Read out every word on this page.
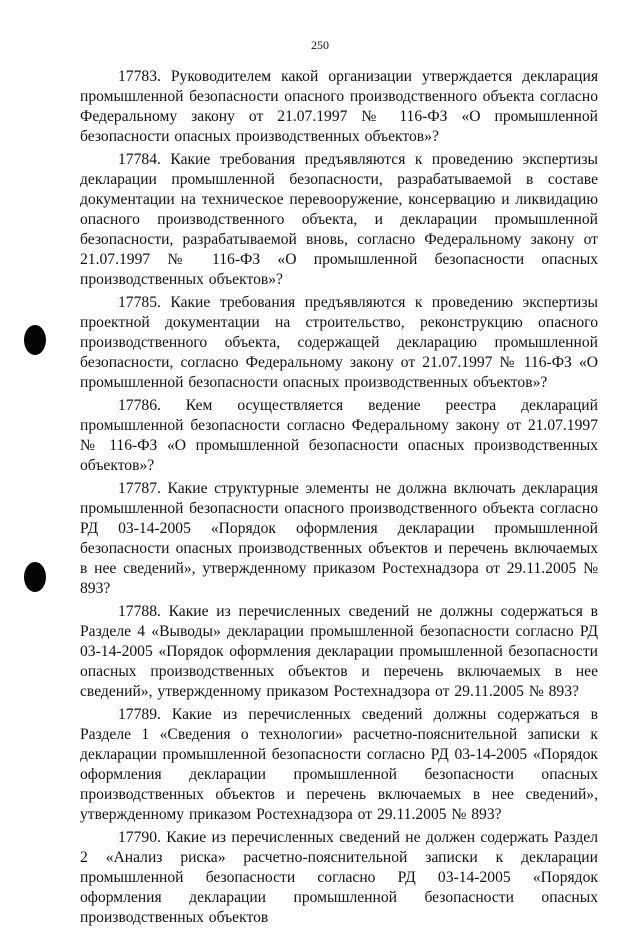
250

17783. Руководителем какой организации утверждается декларация промышленной безопасности опасного производственного объекта согласно Федеральному закону от 21.07.1997 № 116-ФЗ «О промышленной безопасности опасных производственных объектов»?

17784. Какие требования предъявляются к проведению экспертизы декларации промышленной безопасности, разрабатываемой в составе документации на техническое перевооружение, консервацию и ликвидацию опасного производственного объекта, и декларации промышленной безопасности, разрабатываемой вновь, согласно Федеральному закону от 21.07.1997 № 116-ФЗ «О промышленной безопасности опасных производственных объектов»?

17785. Какие требования предъявляются к проведению экспертизы проектной документации на строительство, реконструкцию опасного производственного объекта, содержащей декларацию промышленной безопасности, согласно Федеральному закону от 21.07.1997 № 116-ФЗ «О промышленной безопасности опасных производственных объектов»?

17786. Кем осуществляется ведение реестра деклараций промышленной безопасности согласно Федеральному закону от 21.07.1997 № 116-ФЗ «О промышленной безопасности опасных производственных объектов»?

17787. Какие структурные элементы не должна включать декларация промышленной безопасности опасного производственного объекта согласно РД 03-14-2005 «Порядок оформления декларации промышленной безопасности опасных производственных объектов и перечень включаемых в нее сведений», утвержденному приказом Ростехнадзора от 29.11.2005 № 893?

17788. Какие из перечисленных сведений не должны содержаться в Разделе 4 «Выводы» декларации промышленной безопасности согласно РД 03-14-2005 «Порядок оформления декларации промышленной безопасности опасных производственных объектов и перечень включаемых в нее сведений», утвержденному приказом Ростехнадзора от 29.11.2005 № 893?

17789. Какие из перечисленных сведений должны содержаться в Разделе 1 «Сведения о технологии» расчетно-пояснительной записки к декларации промышленной безопасности согласно РД 03-14-2005 «Порядок оформления декларации промышленной безопасности опасных производственных объектов и перечень включаемых в нее сведений», утвержденному приказом Ростехнадзора от 29.11.2005 № 893?

17790. Какие из перечисленных сведений не должен содержать Раздел 2 «Анализ риска» расчетно-пояснительной записки к декларации промышленной безопасности согласно РД 03-14-2005 «Порядок оформления декларации промышленной безопасности опасных производственных объектов
